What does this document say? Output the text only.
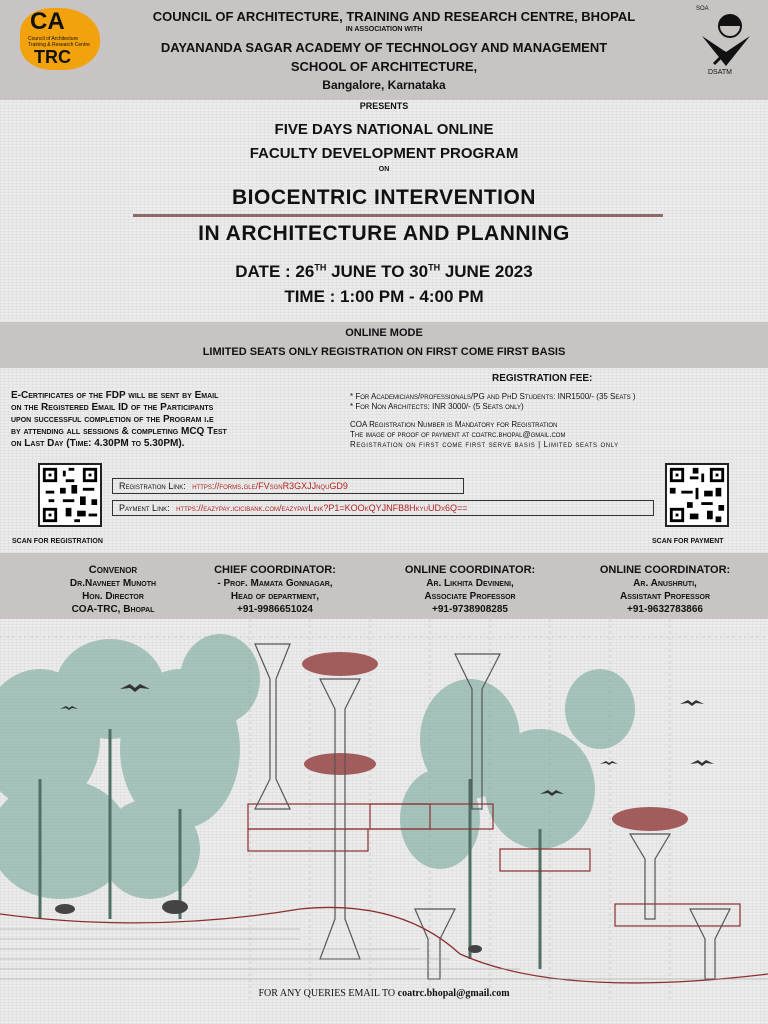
CA
Council of Architecture
Training & Research Centre
TRC
COUNCIL OF ARCHITECTURE, TRAINING AND RESEARCH CENTRE, BHOPAL
IN ASSOCIATION WITH
DAYANANDA SAGAR ACADEMY OF TECHNOLOGY AND MANAGEMENT
SCHOOL OF ARCHITECTURE,
Bangalore, Karnataka
SOA
DSATM
PRESENTS
FIVE DAYS NATIONAL ONLINE
FACULTY DEVELOPMENT PROGRAM
ON
BIOCENTRIC INTERVENTION
IN ARCHITECTURE AND PLANNING
DATE : 26TH JUNE TO 30TH JUNE 2023
TIME : 1:00 PM - 4:00 PM
ONLINE MODE
LIMITED SEATS ONLY REGISTRATION ON FIRST COME FIRST BASIS
E-Certificates of the FDP will be sent by Email
on the Registered Email ID of the Participants
upon successful completion of the Program i.e
by attending all sessions & completing MCQ Test
on Last Day (Time: 4.30PM to 5.30PM).
REGISTRATION FEE:
* For Academicians/professionals/PG and PhD Students: INR1500/- (35 Seats )
* For Non Architects: INR 3000/- (5 Seats only)
COA Registration Number is Mandatory for Registration
The image of proof of payment at coatrc.bhopal@gmail.com
Registration on first come first serve basis | Limited seats only
SCAN FOR REGISTRATION	SCAN FOR PAYMENT
Registration Link: https://forms.gle/FVsgnR3GXJJnquGD9
Payment Link: https://eazypay.icicibank.com/eazypayLink?P1=KOOkQYJNFB8HkyuUDx6Q==
Convenor
Dr.Navneet Munoth
Hon. Director
COA-TRC, Bhopal
CHIEF COORDINATOR:
- Prof. Mamata Gonnagar,
Head of department,
+91-9986651024
ONLINE COORDINATOR:
Ar. Likhita Devineni,
Associate Professor
+91-9738908285
ONLINE COORDINATOR:
Ar. Anushruti,
Assistant Professor
+91-9632783866
FOR ANY QUERIES EMAIL TO coatrc.bhopal@gmail.com
